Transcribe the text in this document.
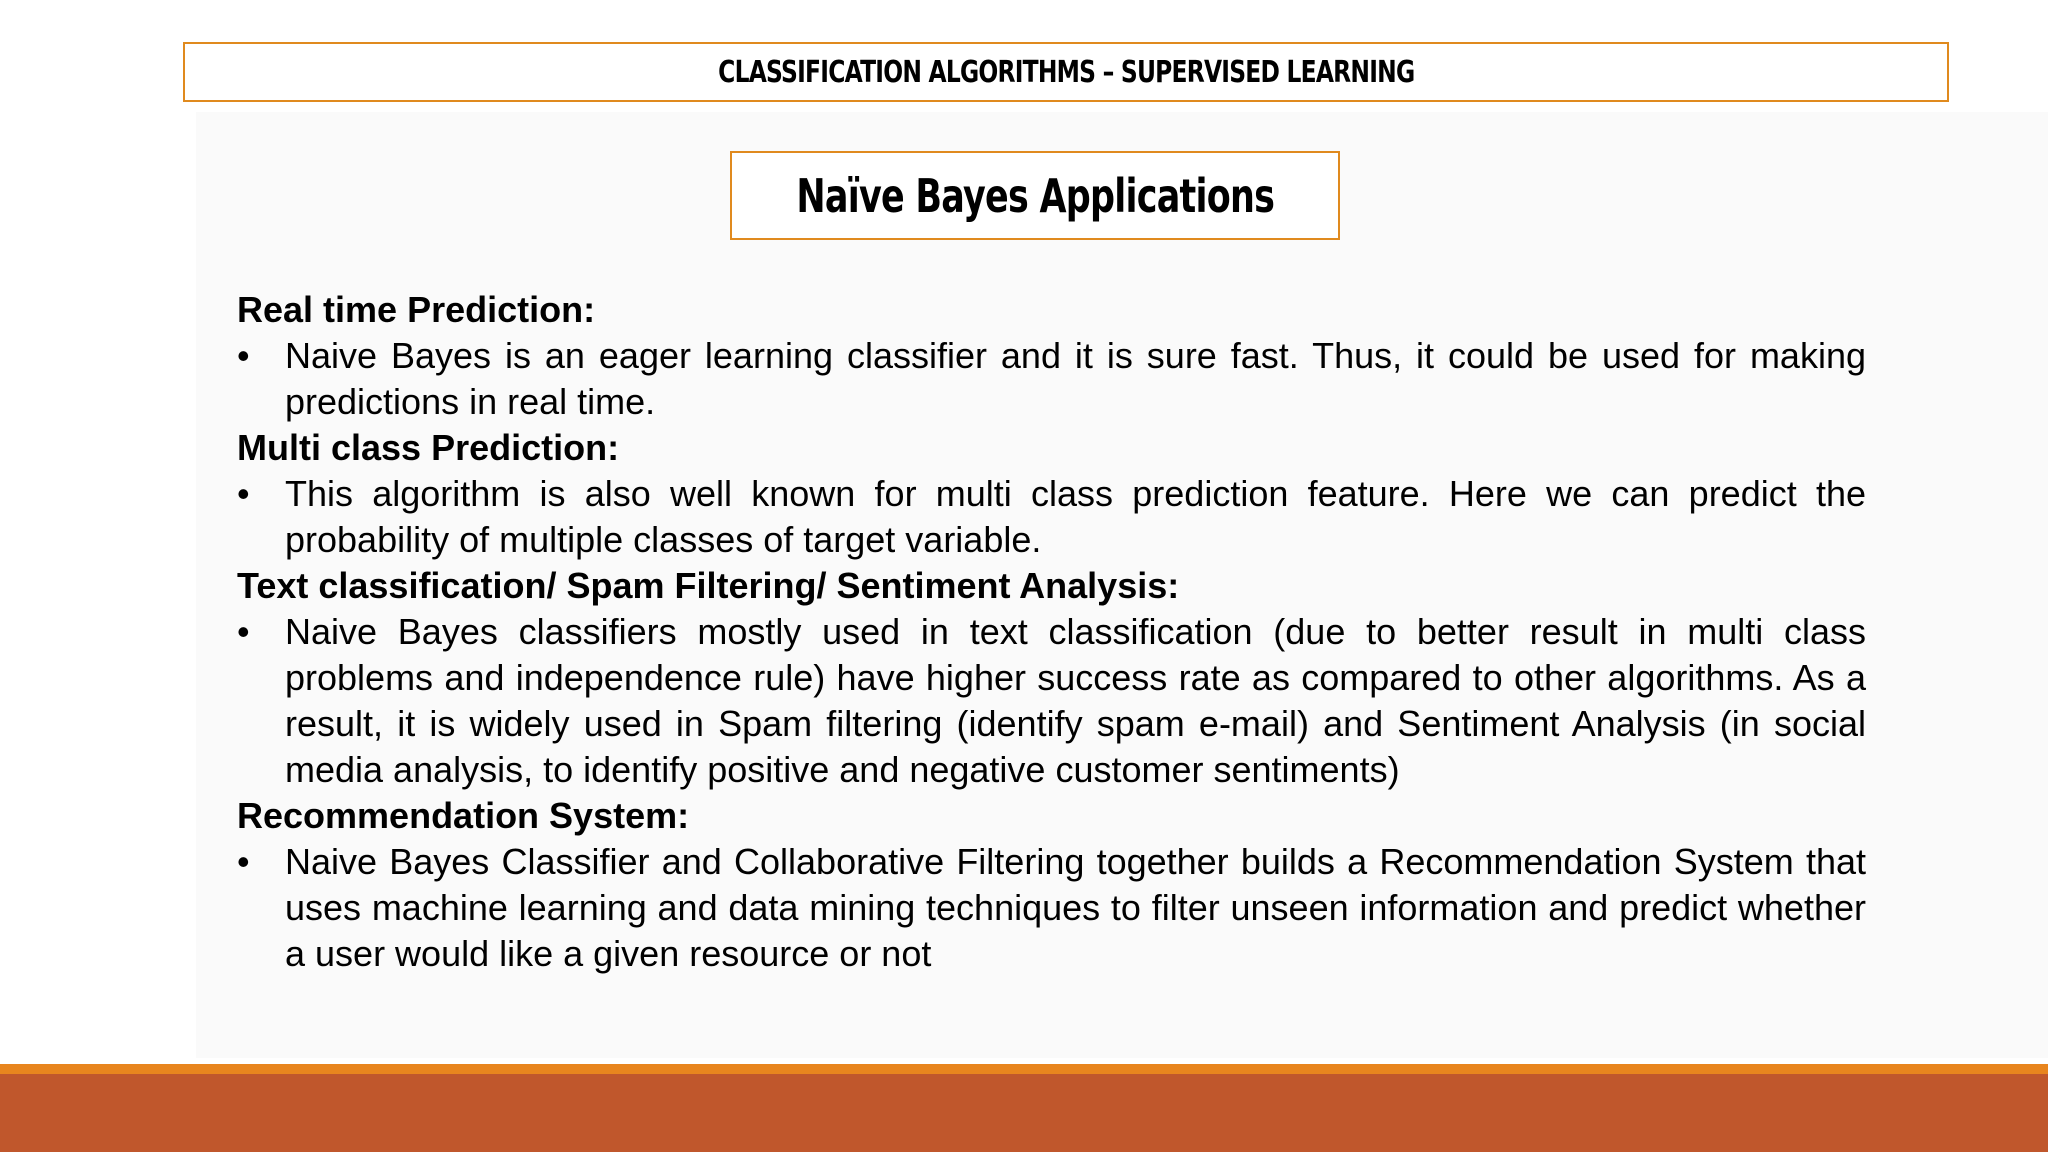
CLASSIFICATION ALGORITHMS – SUPERVISED LEARNING
Naïve Bayes Applications

Real time Prediction:

• Naive Bayes is an eager learning classifier and it is sure fast. Thus, it could be used for making predictions in real time.

Multi class Prediction:

• This algorithm is also well known for multi class prediction feature. Here we can predict the probability of multiple classes of target variable.

Text classification/ Spam Filtering/ Sentiment Analysis:

• Naive Bayes classifiers mostly used in text classification (due to better result in multi class problems and independence rule) have higher success rate as compared to other algorithms. As a result, it is widely used in Spam filtering (identify spam e-mail) and Sentiment Analysis (in social media analysis, to identify positive and negative customer sentiments)

Recommendation System:

• Naive Bayes Classifier and Collaborative Filtering together builds a Recommendation System that uses machine learning and data mining techniques to filter unseen information and predict whether a user would like a given resource or not
